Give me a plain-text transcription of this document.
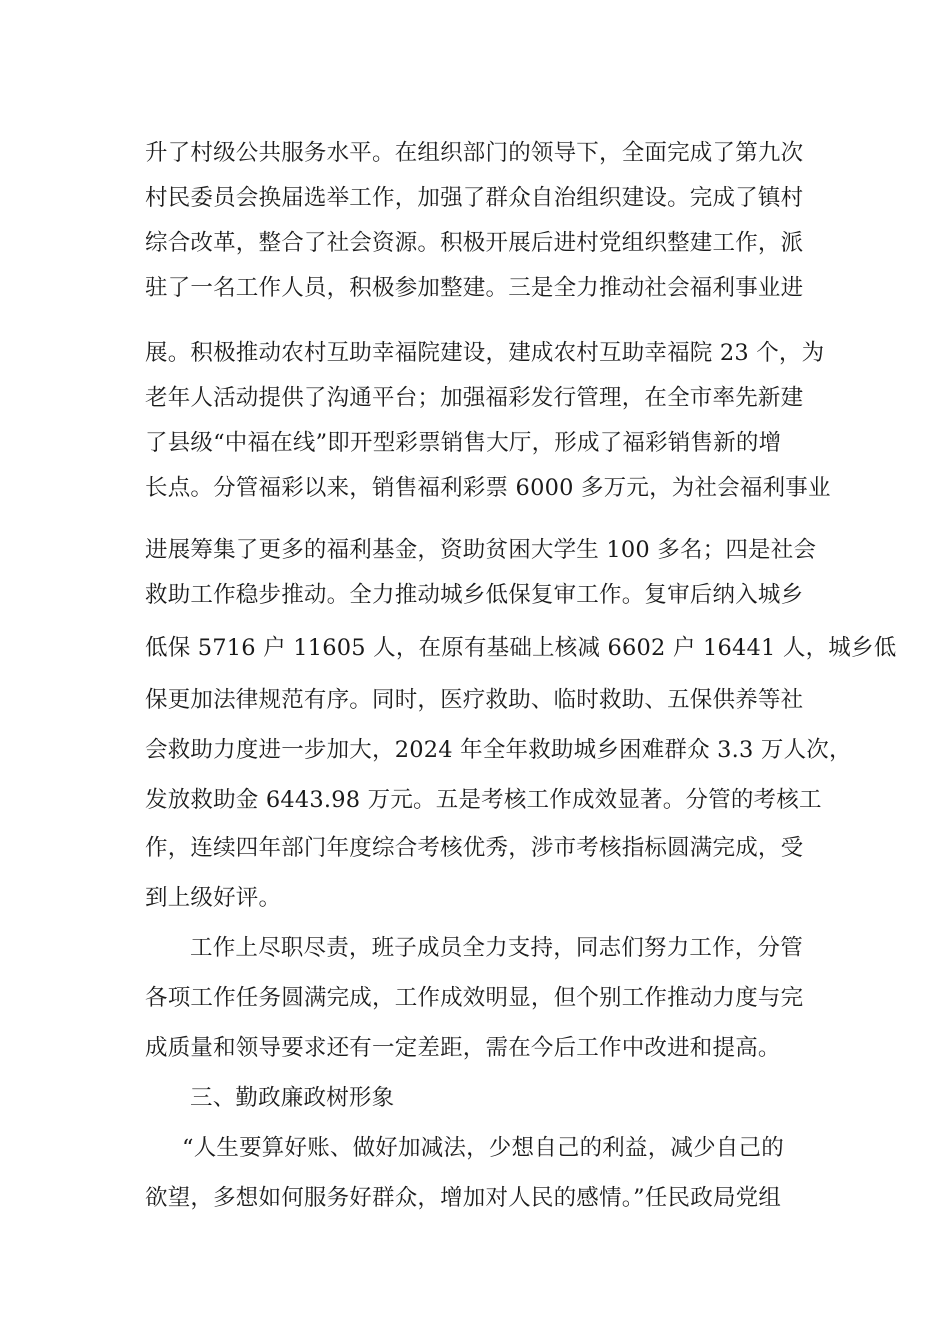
升了村级公共服务水平。在组织部门的领导下，全面完成了第九次
村民委员会换届选举工作，加强了群众自治组织建设。完成了镇村
综合改革，整合了社会资源。积极开展后进村党组织整建工作，派
驻了一名工作人员，积极参加整建。三是全力推动社会福利事业进
展。积极推动农村互助幸福院建设，建成农村互助幸福院 23 个，为
老年人活动提供了沟通平台；加强福彩发行管理，在全市率先新建
了县级“中福在线”即开型彩票销售大厅，形成了福彩销售新的增
长点。分管福彩以来，销售福利彩票 6000 多万元，为社会福利事业
进展筹集了更多的福利基金，资助贫困大学生 100 多名；四是社会
救助工作稳步推动。全力推动城乡低保复审工作。复审后纳入城乡
低保 5716 户 11605 人，在原有基础上核减 6602 户 16441 人，城乡低
保更加法律规范有序。同时，医疗救助、临时救助、五保供养等社
会救助力度进一步加大，2024 年全年救助城乡困难群众 3.3 万人次，
发放救助金 6443.98 万元。五是考核工作成效显著。分管的考核工
作，连续四年部门年度综合考核优秀，涉市考核指标圆满完成，受
到上级好评。
工作上尽职尽责，班子成员全力支持，同志们努力工作，分管
各项工作任务圆满完成，工作成效明显，但个别工作推动力度与完
成质量和领导要求还有一定差距，需在今后工作中改进和提高。
三、勤政廉政树形象
“人生要算好账、做好加减法，少想自己的利益，减少自己的
欲望，多想如何服务好群众，增加对人民的感情。”任民政局党组
